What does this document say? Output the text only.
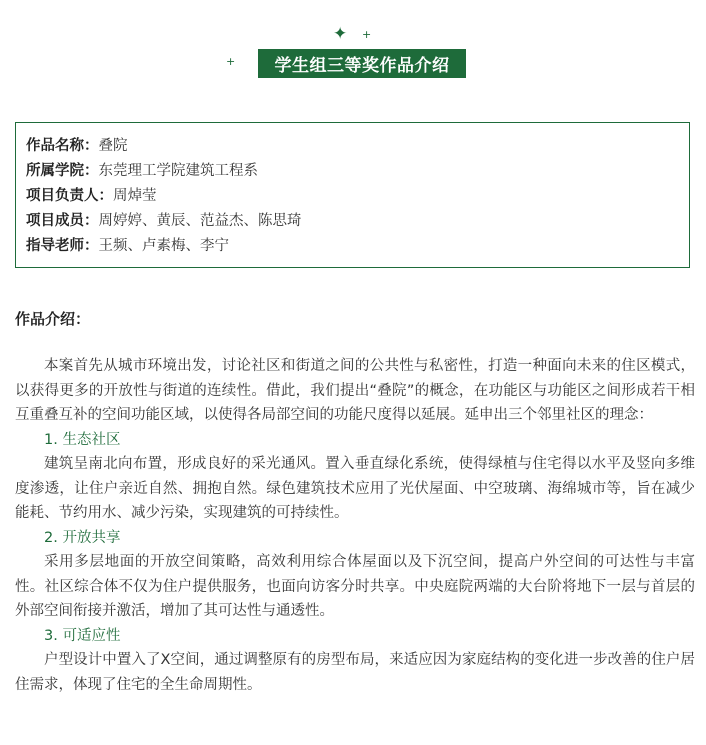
✦ +
+	学生组三等奖作品介绍
作品名称：叠院
所属学院：东莞理工学院建筑工程系
项目负责人：周焯莹
项目成员：周婷婷、黄辰、范益杰、陈思琦
指导老师：王频、卢素梅、李宁
作品介绍：

本案首先从城市环境出发，讨论社区和街道之间的公共性与私密性，打造一种面向未来的住区模式，以获得更多的开放性与街道的连续性。借此，我们提出“叠院”的概念，在功能区与功能区之间形成若干相互重叠互补的空间功能区域，以使得各局部空间的功能尺度得以延展。延申出三个邻里社区的理念：

1. 生态社区

建筑呈南北向布置，形成良好的采光通风。置入垂直绿化系统，使得绿植与住宅得以水平及竖向多维度渗透，让住户亲近自然、拥抱自然。绿色建筑技术应用了光伏屋面、中空玻璃、海绵城市等，旨在减少能耗、节约用水、减少污染，实现建筑的可持续性。

2. 开放共享

采用多层地面的开放空间策略，高效利用综合体屋面以及下沉空间，提高户外空间的可达性与丰富性。社区综合体不仅为住户提供服务，也面向访客分时共享。中央庭院两端的大台阶将地下一层与首层的外部空间衔接并激活，增加了其可达性与通透性。

3. 可适应性

户型设计中置入了X空间，通过调整原有的房型布局，来适应因为家庭结构的变化进一步改善的住户居住需求，体现了住宅的全生命周期性。
